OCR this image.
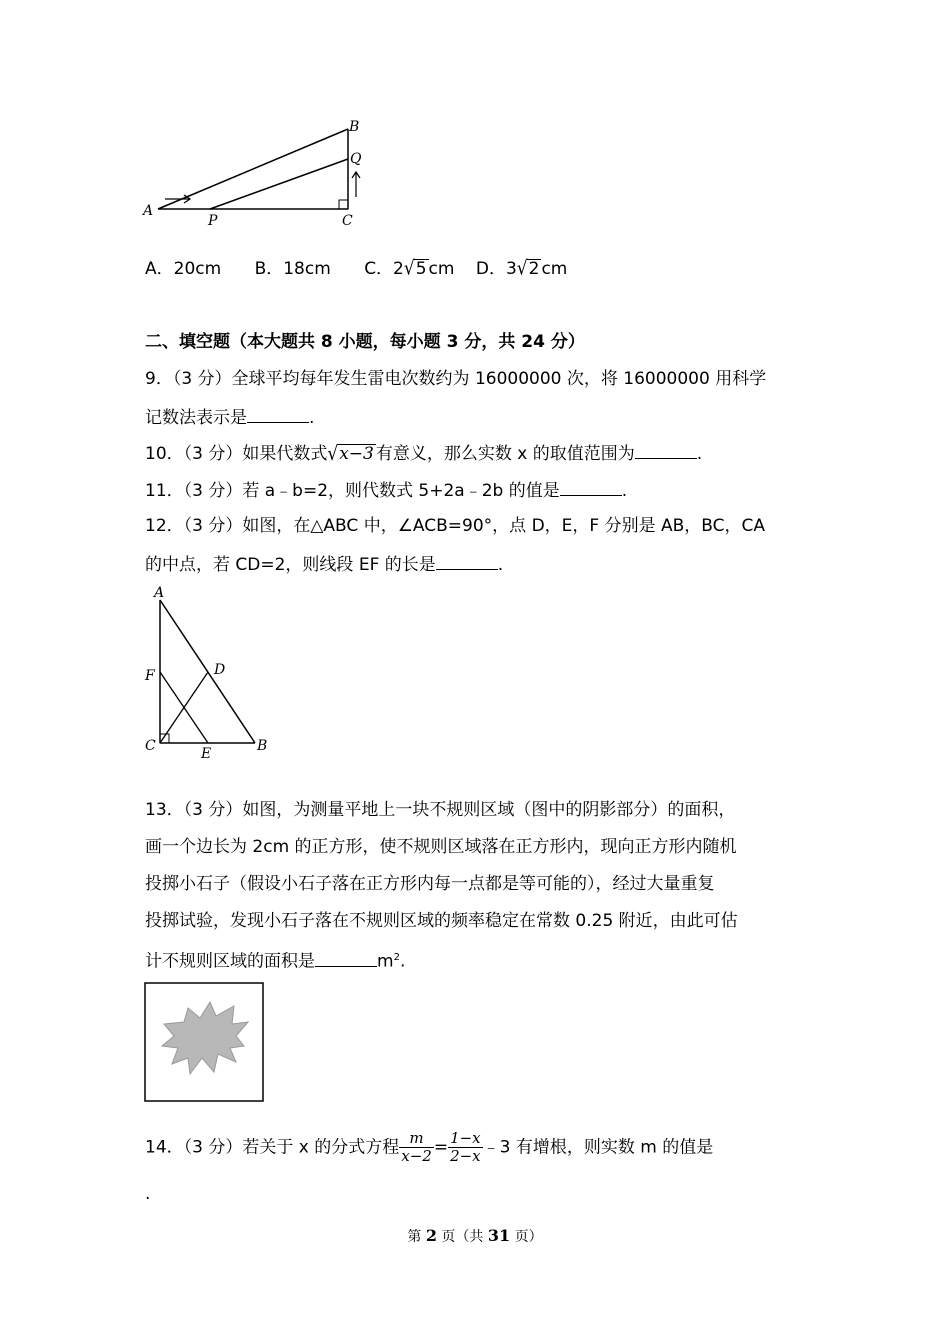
A
B
C
P
Q
A．20cm B．18cm C．2√5 cm D．3√2 cm
二、填空题（本大题共 8 小题，每小题 3 分，共 24 分）
9．（3 分）全球平均每年发生雷电次数约为 16000000 次，将 16000000 用科学
记数法表示是	.
10．（3 分）如果代数式√x−3 有意义，那么实数 x 的取值范围为	.
11．（3 分）若 a﹣b=2，则代数式 5+2a﹣2b 的值是	.
12．（3 分）如图，在△ABC 中，∠ACB=90°，点 D，E，F 分别是 AB，BC，CA
的中点，若 CD=2，则线段 EF 的长是	.
A
F	D
C	E	B
13．（3 分）如图，为测量平地上一块不规则区域（图中的阴影部分）的面积，
画一个边长为 2cm 的正方形，使不规则区域落在正方形内，现向正方形内随机
投掷小石子（假设小石子落在正方形内每一点都是等可能的），经过大量重复
投掷试验，发现小石子落在不规则区域的频率稳定在常数 0.25 附近，由此可估
计不规则区域的面积是	$m^2$.
14．（3 分）若关于 x 的分式方程 $\frac{m}{x-2} = \frac{1-x}{2-x}$ ﹣3 有增根，则实数 m 的值是
.
第 2 页（共 31 页）
